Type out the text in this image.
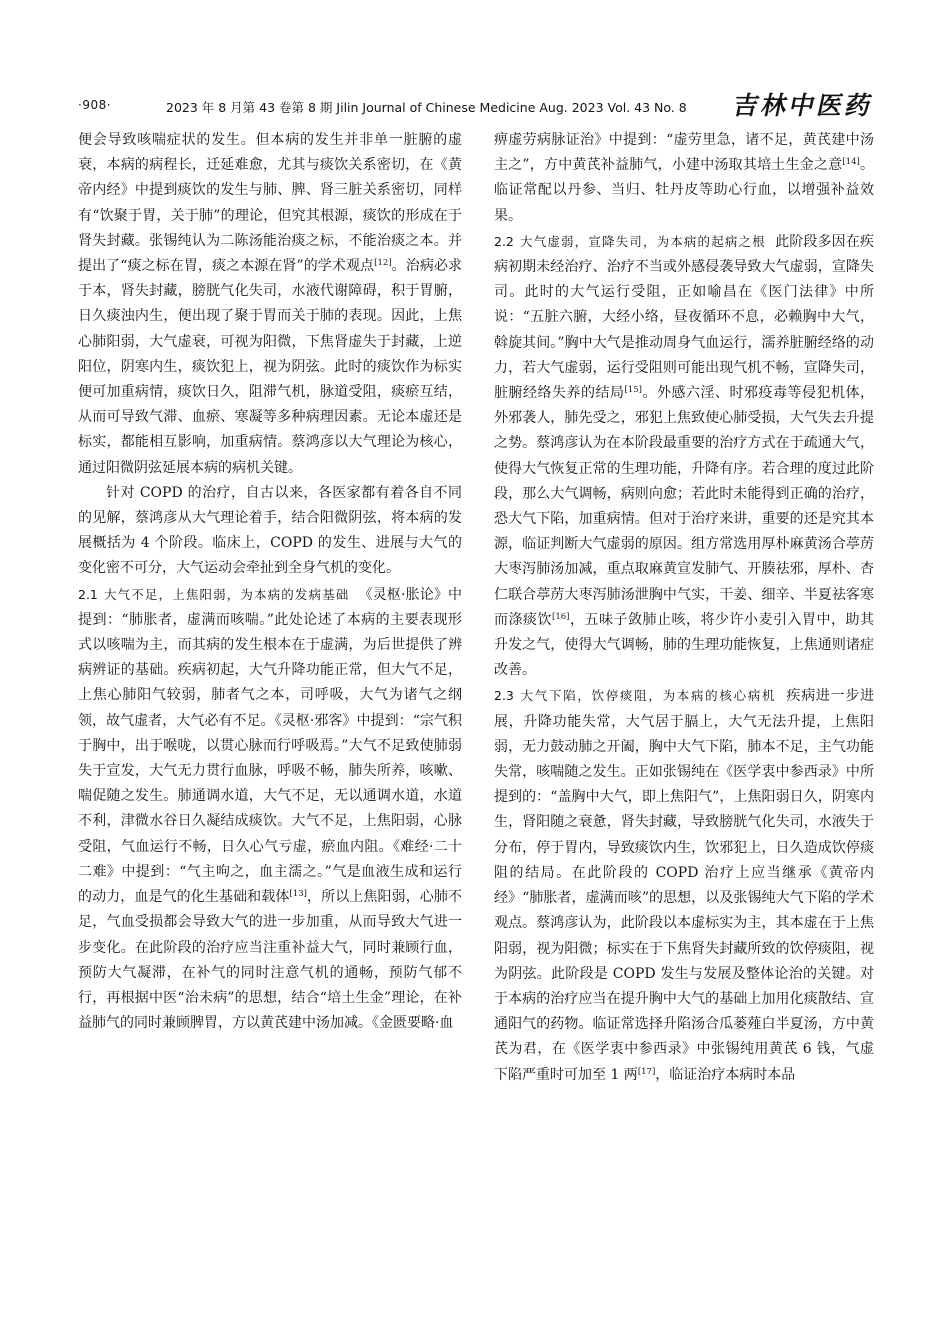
·908·	2023 年 8 月第 43 卷第 8 期 Jilin Journal of Chinese Medicine Aug. 2023 Vol. 43 No. 8 吉林中医药

便会导致咳喘症状的发生。但本病的发生并非单一脏腑的虚衰，本病的病程长，迁延难愈，尤其与痰饮关系密切，在《黄帝内经》中提到痰饮的发生与肺、脾、肾三脏关系密切，同样有“饮聚于胃，关于肺”的理论，但究其根源，痰饮的形成在于肾失封藏。张锡纯认为二陈汤能治痰之标，不能治痰之本。并提出了“痰之标在胃，痰之本源在肾”的学术观点[12]。治病必求于本，肾失封藏，膀胱气化失司，水液代谢障碍，积于胃腑，日久痰浊内生，便出现了聚于胃而关于肺的表现。因此，上焦心肺阳弱，大气虚衰，可视为阳微，下焦肾虚失于封藏，上逆阳位，阴寒内生，痰饮犯上，视为阴弦。此时的痰饮作为标实便可加重病情，痰饮日久，阻滞气机，脉道受阻，痰瘀互结，从而可导致气滞、血瘀、寒凝等多种病理因素。无论本虚还是标实，都能相互影响，加重病情。蔡鸿彦以大气理论为核心，通过阳微阴弦延展本病的病机关键。

针对 COPD 的治疗，自古以来，各医家都有着各自不同的见解，蔡鸿彦从大气理论着手，结合阳微阴弦，将本病的发展概括为 4 个阶段。临床上，COPD 的发生、进展与大气的变化密不可分，大气运动会牵扯到全身气机的变化。

2.1 大气不足，上焦阳弱，为本病的发病基础 《灵枢·胀论》中提到：“肺胀者，虚满而咳喘。”此处论述了本病的主要表现形式以咳喘为主，而其病的发生根本在于虚满，为后世提供了辨病辨证的基础。疾病初起，大气升降功能正常，但大气不足，上焦心肺阳气较弱，肺者气之本，司呼吸，大气为诸气之纲领，故气虚者，大气必有不足。《灵枢·邪客》中提到：“宗气积于胸中，出于喉咙，以贯心脉而行呼吸焉。”大气不足致使肺弱失于宣发，大气无力贯行血脉，呼吸不畅，肺失所养，咳嗽、喘促随之发生。肺通调水道，大气不足，无以通调水道，水道不利，津微水谷日久凝结成痰饮。大气不足，上焦阳弱，心脉受阻，气血运行不畅，日久心气亏虚，瘀血内阻。《难经·二十二难》中提到：“气主呴之，血主濡之。”气是血液生成和运行的动力，血是气的化生基础和载体[13]，所以上焦阳弱，心肺不足，气血受损都会导致大气的进一步加重，从而导致大气进一步变化。在此阶段的治疗应当注重补益大气，同时兼顾行血，预防大气凝滞，在补气的同时注意气机的通畅，预防气郁不行，再根据中医“治未病”的思想，结合“培土生金”理论，在补益肺气的同时兼顾脾胃，方以黄芪建中汤加减。《金匮要略·血

痹虚劳病脉证治》中提到：“虚劳里急，诸不足，黄芪建中汤主之”，方中黄芪补益肺气，小建中汤取其培土生金之意[14]。临证常配以丹参、当归、牡丹皮等助心行血，以增强补益效果。

2.2 大气虚弱，宣降失司，为本病的起病之根 此阶段多因在疾病初期未经治疗、治疗不当或外感侵袭导致大气虚弱，宣降失司。此时的大气运行受阻，正如喻昌在《医门法律》中所说：“五脏六腑，大经小络，昼夜循环不息，必赖胸中大气，斡旋其间。”胸中大气是推动周身气血运行，濡养脏腑经络的动力，若大气虚弱，运行受阻则可能出现气机不畅，宣降失司，脏腑经络失养的结局[15]。外感六淫、时邪疫毒等侵犯机体，外邪袭人，肺先受之，邪犯上焦致使心肺受损，大气失去升提之势。蔡鸿彦认为在本阶段最重要的治疗方式在于疏通大气，使得大气恢复正常的生理功能，升降有序。若合理的度过此阶段，那么大气调畅，病则向愈；若此时未能得到正确的治疗，恐大气下陷，加重病情。但对于治疗来讲，重要的还是究其本源，临证判断大气虚弱的原因。组方常选用厚朴麻黄汤合葶苈大枣泻肺汤加减，重点取麻黄宣发肺气、开腠祛邪，厚朴、杏仁联合葶苈大枣泻肺汤泄胸中气实，干姜、细辛、半夏祛客寒而涤痰饮[16]，五味子敛肺止咳，将少许小麦引入胃中，助其升发之气，使得大气调畅，肺的生理功能恢复，上焦通则诸症改善。

2.3 大气下陷，饮停痰阻，为本病的核心病机 疾病进一步进展，升降功能失常，大气居于膈上，大气无法升提，上焦阳弱，无力鼓动肺之开阖，胸中大气下陷，肺本不足，主气功能失常，咳喘随之发生。正如张锡纯在《医学衷中参西录》中所提到的：“盖胸中大气，即上焦阳气”，上焦阳弱日久，阴寒内生，肾阳随之衰惫，肾失封藏，导致膀胱气化失司，水液失于分布，停于胃内，导致痰饮内生，饮邪犯上，日久造成饮停痰阻的结局。在此阶段的 COPD 治疗上应当继承《黄帝内经》“肺胀者，虚满而咳”的思想，以及张锡纯大气下陷的学术观点。蔡鸿彦认为，此阶段以本虚标实为主，其本虚在于上焦阳弱，视为阳微；标实在于下焦肾失封藏所致的饮停痰阻，视为阴弦。此阶段是 COPD 发生与发展及整体论治的关键。对于本病的治疗应当在提升胸中大气的基础上加用化痰散结、宣通阳气的药物。临证常选择升陷汤合瓜蒌薤白半夏汤，方中黄芪为君，在《医学衷中参西录》中张锡纯用黄芪 6 钱，气虚下陷严重时可加至 1 两[17]，临证治疗本病时本品
